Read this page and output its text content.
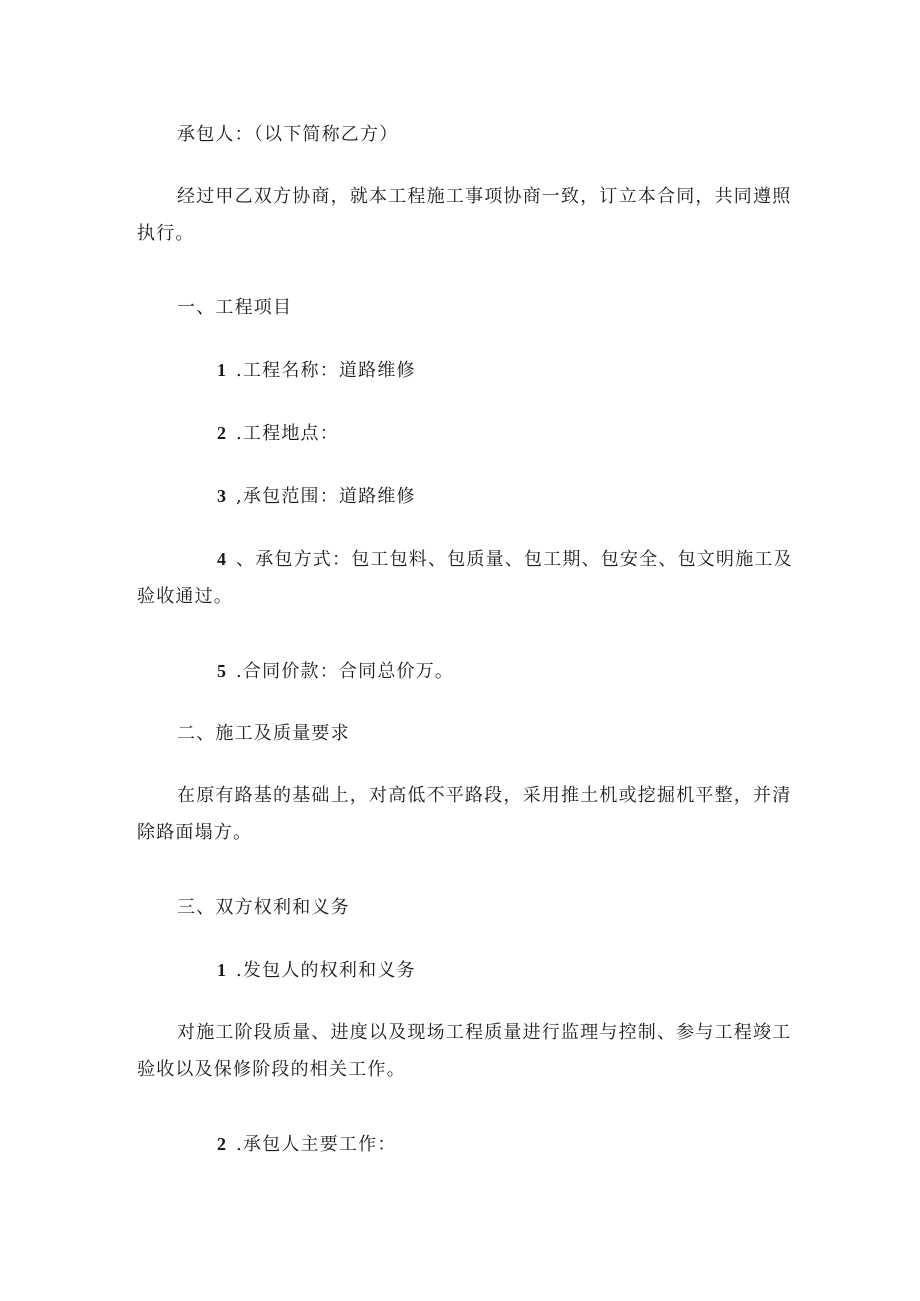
承包人：（以下简称乙方）

经过甲乙双方协商，就本工程施工事项协商一致，订立本合同，共同遵照执行。

一、工程项目

1 .工程名称：道路维修

2 .工程地点：

3 ,承包范围：道路维修

4 、承包方式：包工包料、包质量、包工期、包安全、包文明施工及验收通过。

5 .合同价款：合同总价万。

二、施工及质量要求

在原有路基的基础上，对高低不平路段，采用推土机或挖掘机平整，并清除路面塌方。

三、双方权利和义务

1 .发包人的权利和义务

对施工阶段质量、进度以及现场工程质量进行监理与控制、参与工程竣工验收以及保修阶段的相关工作。

2 .承包人主要工作：
